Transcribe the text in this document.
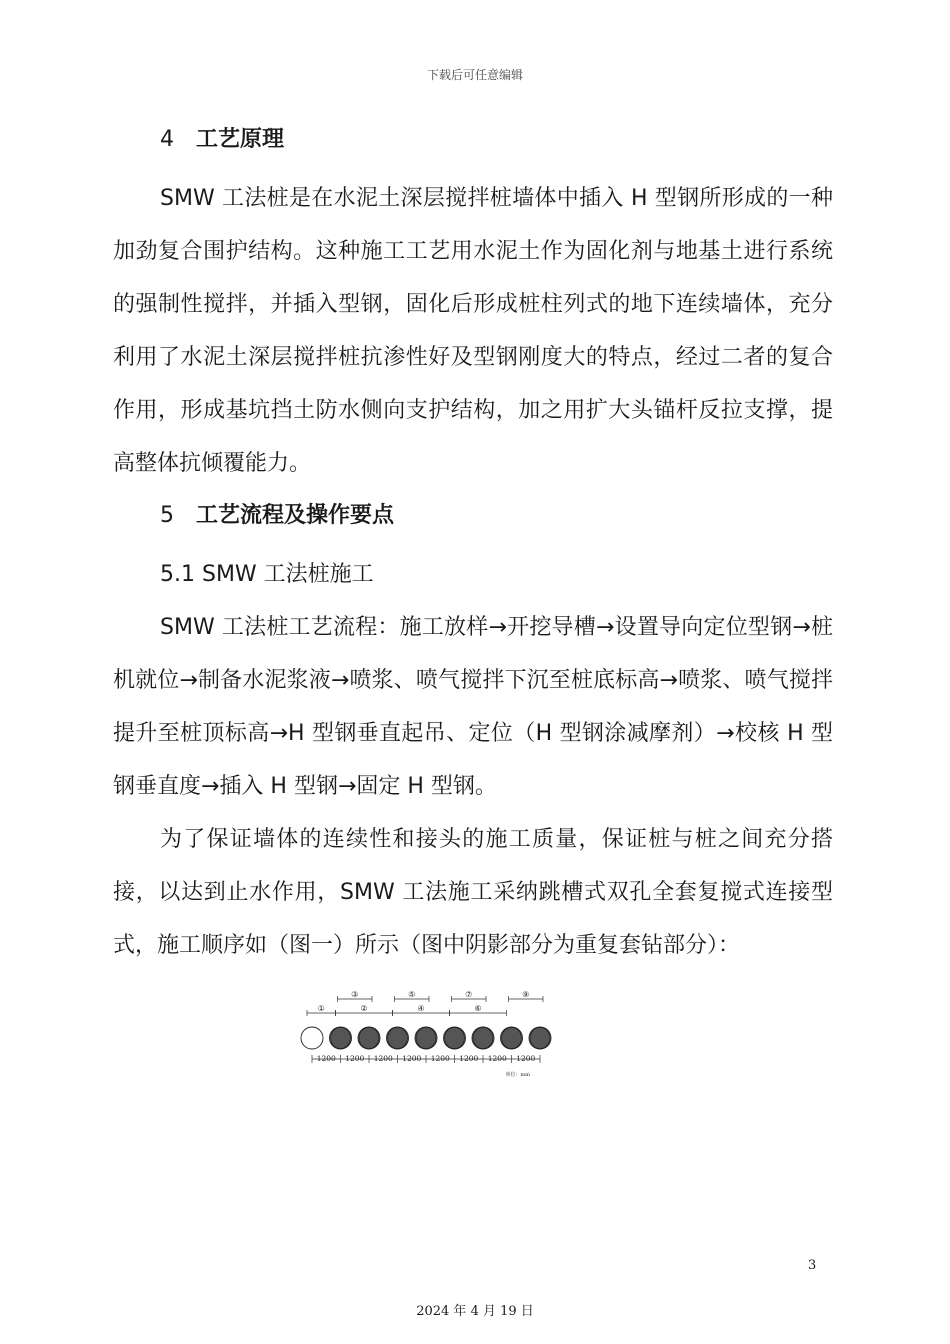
下载后可任意编辑
4 工艺原理

SMW 工法桩是在水泥土深层搅拌桩墙体中插入 H 型钢所形成的一种加劲复合围护结构。这种施工工艺用水泥土作为固化剂与地基土进行系统的强制性搅拌，并插入型钢，固化后形成桩柱列式的地下连续墙体，充分利用了水泥土深层搅拌桩抗渗性好及型钢刚度大的特点，经过二者的复合作用，形成基坑挡土防水侧向支护结构，加之用扩大头锚杆反拉支撑，提高整体抗倾覆能力。

5 工艺流程及操作要点

5.1 SMW 工法桩施工

SMW 工法桩工艺流程：施工放样→开挖导槽→设置导向定位型钢→桩机就位→制备水泥浆液→喷浆、喷气搅拌下沉至桩底标高→喷浆、喷气搅拌提升至桩顶标高→H 型钢垂直起吊、定位（H 型钢涂减摩剂）→校核 H 型钢垂直度→插入 H 型钢→固定 H 型钢。

为了保证墙体的连续性和接头的施工质量，保证桩与桩之间充分搭接，以达到止水作用，SMW 工法施工采纳跳槽式双孔全套复搅式连接型式，施工顺序如（图一）所示（图中阴影部分为重复套钻部分）：

③	⑤	⑦	⑨
①	②	④	⑥
1200 1200 1200 1200 1200 1200 1200 1200
单位：mm
3
2024 年 4 月 19 日
